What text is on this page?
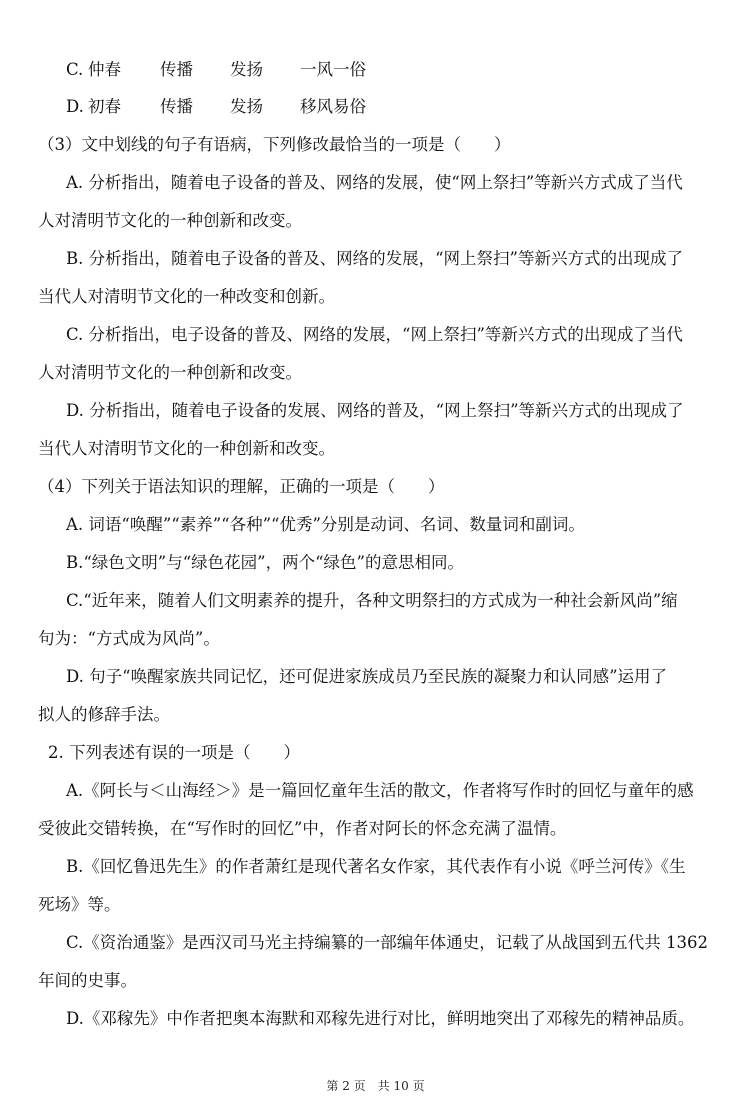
C. 仲春 传播 发扬 一风一俗
D. 初春 传播 发扬 移风易俗
（3）文中划线的句子有语病，下列修改最恰当的一项是（　　）
A. 分析指出，随着电子设备的普及、网络的发展，使“网上祭扫”等新兴方式成了当代
人对清明节文化的一种创新和改变。
B. 分析指出，随着电子设备的普及、网络的发展，“网上祭扫”等新兴方式的出现成了
当代人对清明节文化的一种改变和创新。
C. 分析指出，电子设备的普及、网络的发展，“网上祭扫”等新兴方式的出现成了当代
人对清明节文化的一种创新和改变。
D. 分析指出，随着电子设备的发展、网络的普及，“网上祭扫”等新兴方式的出现成了
当代人对清明节文化的一种创新和改变。
（4）下列关于语法知识的理解，正确的一项是（　　）
A. 词语“唤醒”“素养”“各种”“优秀”分别是动词、名词、数量词和副词。
B.“绿色文明”与“绿色花园”，两个“绿色”的意思相同。
C.“近年来，随着人们文明素养的提升，各种文明祭扫的方式成为一种社会新风尚”缩
句为：“方式成为风尚”。
D. 句子“唤醒家族共同记忆，还可促进家族成员乃至民族的凝聚力和认同感”运用了
拟人的修辞手法。
2. 下列表述有误的一项是（　　）
A.《阿长与＜山海经＞》是一篇回忆童年生活的散文，作者将写作时的回忆与童年的感
受彼此交错转换，在“写作时的回忆”中，作者对阿长的怀念充满了温情。
B.《回忆鲁迅先生》的作者萧红是现代著名女作家，其代表作有小说《呼兰河传》《生
死场》等。
C.《资治通鉴》是西汉司马光主持编纂的一部编年体通史，记载了从战国到五代共 1362
年间的史事。
D.《邓稼先》中作者把奥本海默和邓稼先进行对比，鲜明地突出了邓稼先的精神品质。
第 2 页　共 10 页
